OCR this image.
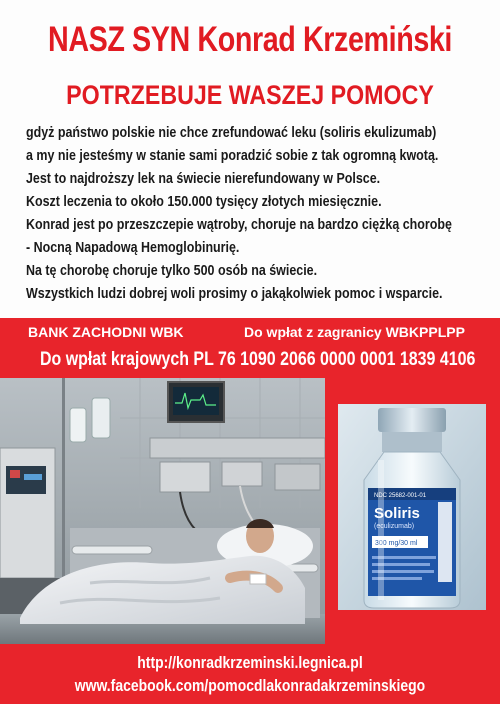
NASZ SYN Konrad Krzemiński
POTRZEBUJE WASZEJ POMOCY
gdyż państwo polskie nie chce zrefundować leku (soliris ekulizumab)
a my nie jesteśmy w stanie sami poradzić sobie z tak ogromną kwotą.
Jest to najdroższy lek na świecie nierefundowany w Polsce.
Koszt leczenia to około 150.000 tysięcy złotych miesięcznie.
Konrad jest po przeszczepie wątroby, choruje na bardzo ciężką chorobę
- Nocną Napadową Hemoglobinurię.
Na tę chorobę choruje tylko 500 osób na świecie.
Wszystkich ludzi dobrej woli prosimy o jakąkolwiek pomoc i wsparcie.
BANK ZACHODNI WBK	Do wpłat z zagranicy WBKPPLPP
Do wpłat krajowych PL 76 1090 2066 0000 0001 1839 4106
NDC 25682-001-01
Soliris
(eculizumab)
300 mg/30 ml
http://konradkrzeminski.legnica.pl
www.facebook.com/pomocdlakonradakrzeminskiego
